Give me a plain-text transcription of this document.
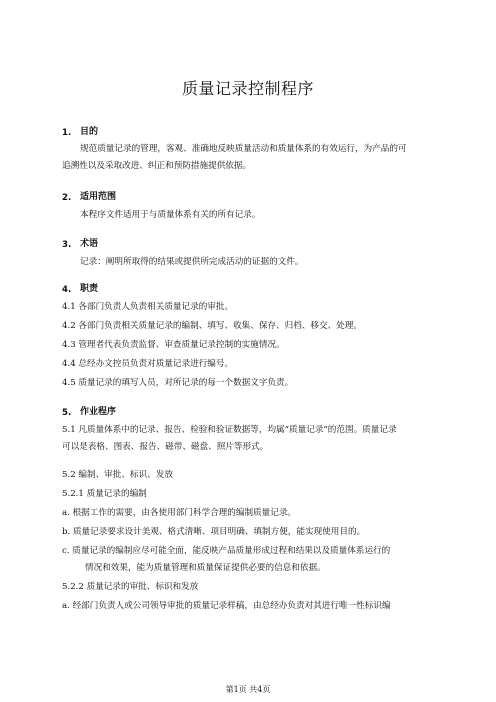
质量记录控制程序
1. 目的
规范质量记录的管理，客观、准确地反映质量活动和质量体系的有效运行，为产品的可
追溯性以及采取改进、纠正和预防措施提供依据。
2. 适用范围
本程序文件适用于与质量体系有关的所有记录。
3. 术语
记录：阐明所取得的结果或提供所完成活动的证据的文件。
4. 职责
4.1 各部门负责人负责相关质量记录的审批。
4.2 各部门负责相关质量记录的编制、填写、收集、保存、归档、移交、处理。
4.3 管理者代表负责监督、审查质量记录控制的实施情况。
4.4 总经办文控员负责对质量记录进行编号。
4.5 质量记录的填写人员，对所记录的每一个数据文字负责。
5. 作业程序
5.1 凡质量体系中的记录、报告、检验和验证数据等，均属“质量记录”的范围。质量记录
可以是表格、图表、报告、磁带、磁盘、照片等形式。
5.2 编制、审批、标识、发放
5.2.1 质量记录的编制
a. 根据工作的需要，由各使用部门科学合理的编制质量记录。
b. 质量记录要求设计美观、格式清晰、项目明确、填制方便，能实现使用目的。
c. 质量记录的编制应尽可能全面，能反映产品质量形成过程和结果以及质量体系运行的
情况和效果，能为质量管理和质量保证提供必要的信息和依据。
5.2.2 质量记录的审批、标识和发放
a. 经部门负责人或公司领导审批的质量记录样稿，由总经办负责对其进行唯一性标识编
第1页 共4页
